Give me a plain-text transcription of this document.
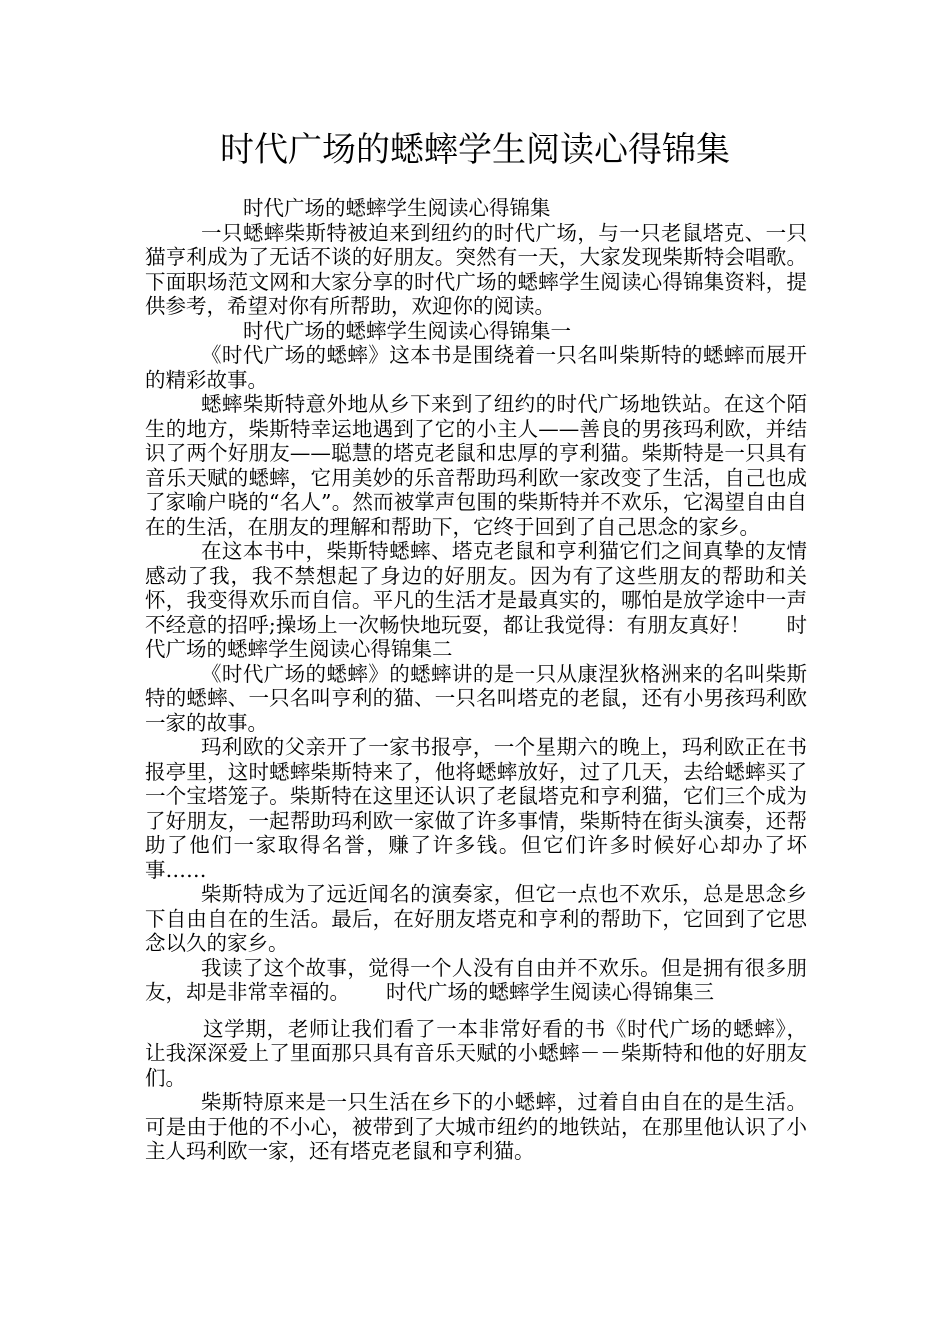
时代广场的蟋蟀学生阅读心得锦集

时代广场的蟋蟀学生阅读心得锦集

一只蟋蟀柴斯特被迫来到纽约的时代广场，与一只老鼠塔克、一只猫亨利成为了无话不谈的好朋友。突然有一天，大家发现柴斯特会唱歌。下面职场范文网和大家分享的时代广场的蟋蟀学生阅读心得锦集资料，提供参考，希望对你有所帮助，欢迎你的阅读。

时代广场的蟋蟀学生阅读心得锦集一

《时代广场的蟋蟀》这本书是围绕着一只名叫柴斯特的蟋蟀而展开的精彩故事。

蟋蟀柴斯特意外地从乡下来到了纽约的时代广场地铁站。在这个陌生的地方，柴斯特幸运地遇到了它的小主人——善良的男孩玛利欧，并结识了两个好朋友——聪慧的塔克老鼠和忠厚的亨利猫。柴斯特是一只具有音乐天赋的蟋蟀，它用美妙的乐音帮助玛利欧一家改变了生活，自己也成了家喻户晓的“名人”。然而被掌声包围的柴斯特并不欢乐，它渴望自由自在的生活，在朋友的理解和帮助下，它终于回到了自己思念的家乡。

在这本书中，柴斯特蟋蟀、塔克老鼠和亨利猫它们之间真挚的友情感动了我，我不禁想起了身边的好朋友。因为有了这些朋友的帮助和关怀，我变得欢乐而自信。平凡的生活才是最真实的，哪怕是放学途中一声不经意的招呼;操场上一次畅快地玩耍，都让我觉得：有朋友真好！ 时代广场的蟋蟀学生阅读心得锦集二

《时代广场的蟋蟀》的蟋蟀讲的是一只从康涅狄格洲来的名叫柴斯特的蟋蟀、一只名叫亨利的猫、一只名叫塔克的老鼠，还有小男孩玛利欧一家的故事。

玛利欧的父亲开了一家书报亭，一个星期六的晚上，玛利欧正在书报亭里，这时蟋蟀柴斯特来了，他将蟋蟀放好，过了几天，去给蟋蟀买了一个宝塔笼子。柴斯特在这里还认识了老鼠塔克和亨利猫，它们三个成为了好朋友，一起帮助玛利欧一家做了许多事情，柴斯特在街头演奏，还帮助了他们一家取得名誉，赚了许多钱。但它们许多时候好心却办了坏事……

柴斯特成为了远近闻名的演奏家，但它一点也不欢乐，总是思念乡下自由自在的生活。最后，在好朋友塔克和亨利的帮助下，它回到了它思念以久的家乡。

我读了这个故事，觉得一个人没有自由并不欢乐。但是拥有很多朋友，却是非常幸福的。 时代广场的蟋蟀学生阅读心得锦集三

这学期，老师让我们看了一本非常好看的书《时代广场的蟋蟀》，让我深深爱上了里面那只具有音乐天赋的小蟋蟀－－柴斯特和他的好朋友们。

柴斯特原来是一只生活在乡下的小蟋蟀，过着自由自在的是生活。可是由于他的不小心，被带到了大城市纽约的地铁站，在那里他认识了小主人玛利欧一家，还有塔克老鼠和亨利猫。
